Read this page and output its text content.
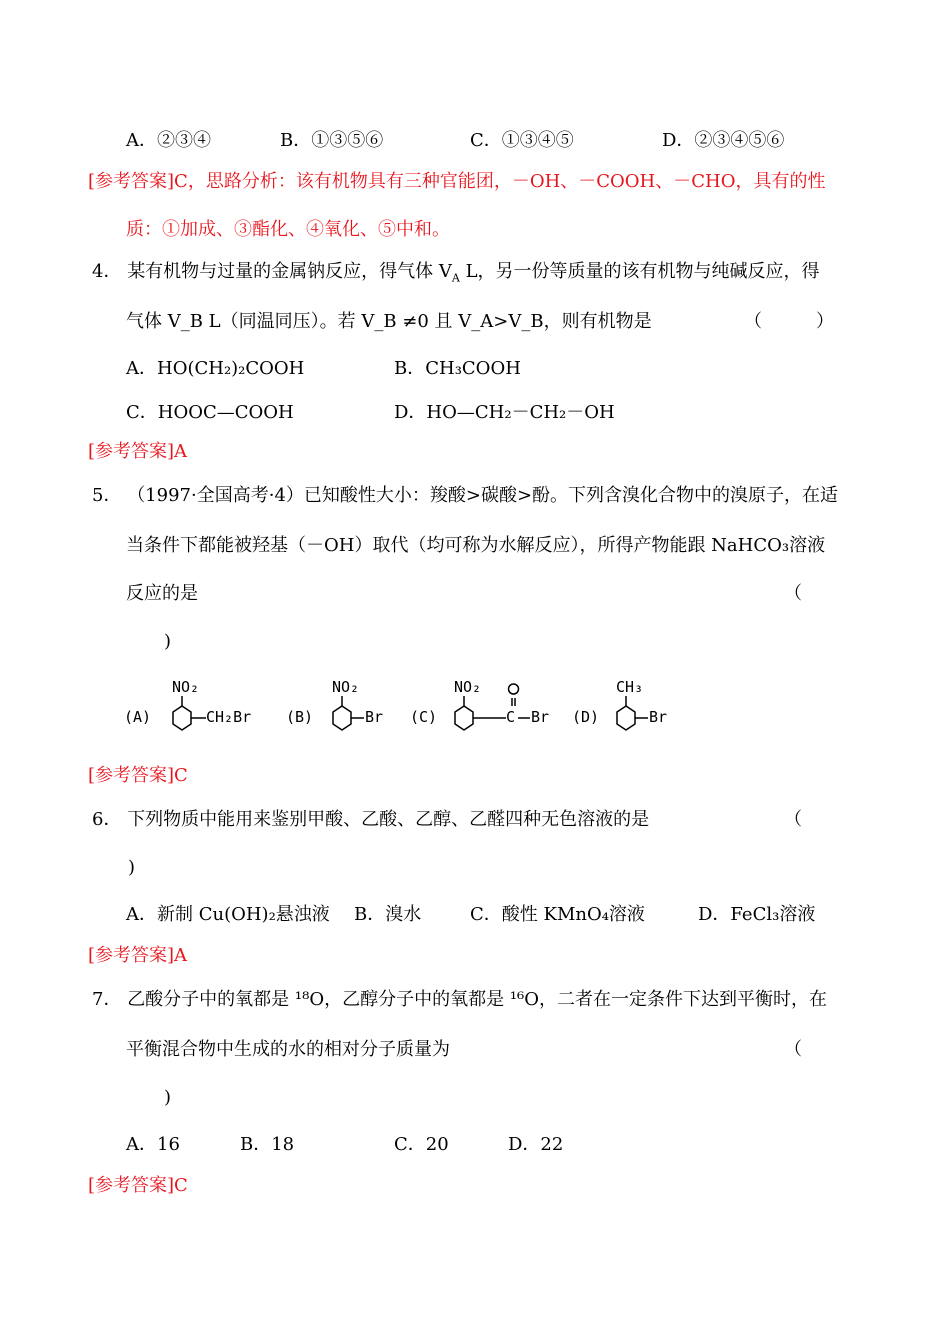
A．②③④	B．①③⑤⑥	C．①③④⑤	D．②③④⑤⑥
[参考答案]C，思路分析：该有机物具有三种官能团，－OH、－COOH、－CHO，具有的性
质：①加成、③酯化、④氧化、⑤中和。
4． 某有机物与过量的金属钠反应，得气体 $V_A$ L，另一份等质量的该有机物与纯碱反应，得
气体 V_B L（同温同压）。若 V_B ≠0 且 V_A>V_B，则有机物是	（　　　）
A．HO(CH₂)₂COOH	B．CH₃COOH
C．HOOC—COOH	D．HO—CH₂－CH₂－OH
[参考答案]A
5． （1997·全国高考·4）已知酸性大小：羧酸>碳酸>酚。下列含溴化合物中的溴原子，在适
当条件下都能被羟基（－OH）取代（均可称为水解反应），所得产物能跟 NaHCO₃溶液
反应的是	（
)
(A)
NO₂
CH₂Br (B)
NO₂
Br (C)
NO₂
C Br (D)
CH₃
Br
[参考答案]C
6． 下列物质中能用来鉴别甲酸、乙酸、乙醇、乙醛四种无色溶液的是	（
)
A．新制 Cu(OH)₂悬浊液 B．溴水	C．酸性 KMnO₄溶液	D．FeCl₃溶液
[参考答案]A
7． 乙酸分子中的氧都是 ¹⁸O，乙醇分子中的氧都是 ¹⁶O，二者在一定条件下达到平衡时，在
平衡混合物中生成的水的相对分子质量为	（
)
A．16	B．18	C．20	D．22
[参考答案]C
